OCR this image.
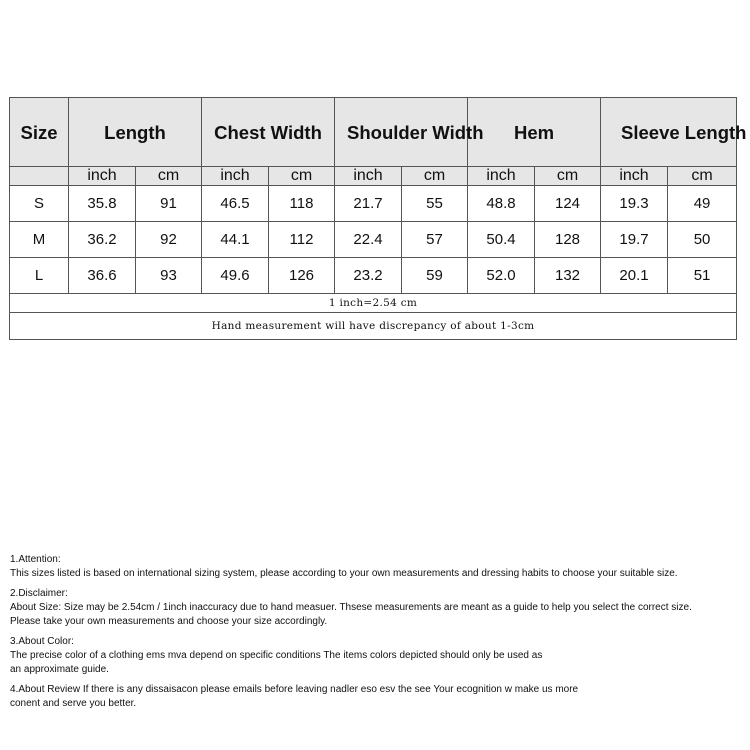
Size	Length		Chest Width		Shoulder Width		Hem		Sleeve Length	
	inch	cm	inch	cm	inch	cm	inch	cm	inch	cm
S	35.8	91	46.5	118	21.7	55	48.8	124	19.3	49
M	36.2	92	44.1	112	22.4	57	50.4	128	19.7	50
L	36.6	93	49.6	126	23.2	59	52.0	132	20.1	51
1 inch=2.54 cm										
Hand measurement will have discrepancy of about 1-3cm										

1.Attention:

This sizes listed is based on international sizing system, please according to your own measurements and dressing habits to choose your suitable size.

2.Disclaimer:

About Size: Size may be 2.54cm / 1inch inaccuracy due to hand measuer. Thsese measurements are meant as a guide to help you select the correct size.

Please take your own measurements and choose your size accordingly.

3.About Color:

The precise color of a clothing ems mva depend on specific conditions The items colors depicted should only be used as

an approximate guide.

4.About Review If there is any dissaisacon please emails before leaving nadler eso esv the see Your ecognition w make us more

conent and serve you better.
